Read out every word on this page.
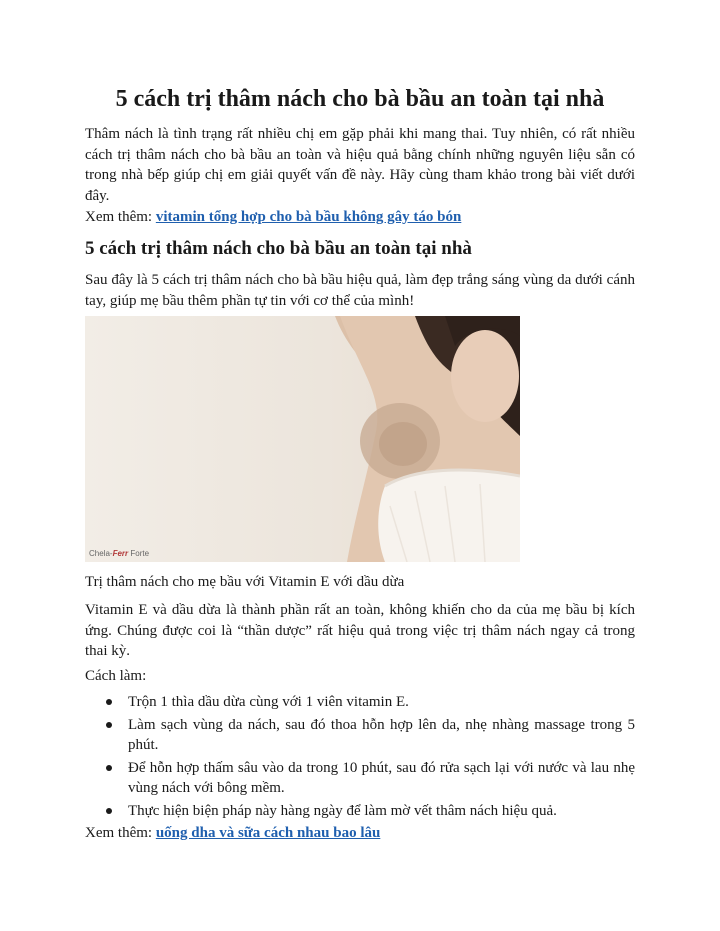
5 cách trị thâm nách cho bà bầu an toàn tại nhà

Thâm nách là tình trạng rất nhiều chị em gặp phải khi mang thai. Tuy nhiên, có rất nhiều cách trị thâm nách cho bà bầu an toàn và hiệu quả bằng chính những nguyên liệu sẵn có trong nhà bếp giúp chị em giải quyết vấn đề này. Hãy cùng tham khảo trong bài viết dưới đây.

Xem thêm: vitamin tổng hợp cho bà bầu không gây táo bón

5 cách trị thâm nách cho bà bầu an toàn tại nhà

Sau đây là 5 cách trị thâm nách cho bà bầu hiệu quả, làm đẹp trắng sáng vùng da dưới cánh tay, giúp mẹ bầu thêm phần tự tin với cơ thể của mình!

Chela-Ferr Forte

Trị thâm nách cho mẹ bầu với Vitamin E với dầu dừa

Vitamin E và dầu dừa là thành phần rất an toàn, không khiến cho da của mẹ bầu bị kích ứng. Chúng được coi là “thần dược” rất hiệu quả trong việc trị thâm nách ngay cả trong thai kỳ.

Cách làm:

Trộn 1 thìa dầu dừa cùng với 1 viên vitamin E.
Làm sạch vùng da nách, sau đó thoa hỗn hợp lên da, nhẹ nhàng massage trong 5 phút.
Để hỗn hợp thấm sâu vào da trong 10 phút, sau đó rửa sạch lại với nước và lau nhẹ vùng nách với bông mềm.
Thực hiện biện pháp này hàng ngày để làm mờ vết thâm nách hiệu quả.

Xem thêm: uống dha và sữa cách nhau bao lâu
